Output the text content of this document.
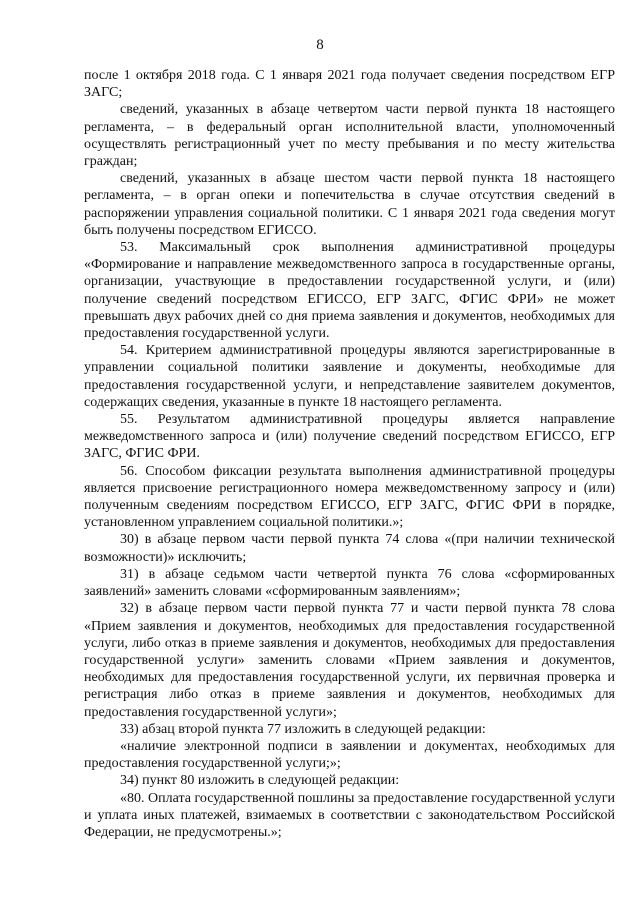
8

после 1 октября 2018 года. С 1 января 2021 года получает сведения посредством ЕГР ЗАГС;

сведений, указанных в абзаце четвертом части первой пункта 18 настоящего регламента, – в федеральный орган исполнительной власти, уполномоченный осуществлять регистрационный учет по месту пребывания и по месту жительства граждан;

сведений, указанных в абзаце шестом части первой пункта 18 настоящего регламента, – в орган опеки и попечительства в случае отсутствия сведений в распоряжении управления социальной политики. С 1 января 2021 года сведения могут быть получены посредством ЕГИССО.

53. Максимальный срок выполнения административной процедуры «Формирование и направление межведомственного запроса в государственные органы, организации, участвующие в предоставлении государственной услуги, и (или) получение сведений посредством ЕГИССО, ЕГР ЗАГС, ФГИС ФРИ» не может превышать двух рабочих дней со дня приема заявления и документов, необходимых для предоставления государственной услуги.

54. Критерием административной процедуры являются зарегистрированные в управлении социальной политики заявление и документы, необходимые для предоставления государственной услуги, и непредставление заявителем документов, содержащих сведения, указанные в пункте 18 настоящего регламента.

55. Результатом административной процедуры является направление межведомственного запроса и (или) получение сведений посредством ЕГИССО, ЕГР ЗАГС, ФГИС ФРИ.

56. Способом фиксации результата выполнения административной процедуры является присвоение регистрационного номера межведомственному запросу и (или) полученным сведениям посредством ЕГИССО, ЕГР ЗАГС, ФГИС ФРИ в порядке, установленном управлением социальной политики.»;

30) в абзаце первом части первой пункта 74 слова «(при наличии технической возможности)» исключить;

31) в абзаце седьмом части четвертой пункта 76 слова «сформированных заявлений» заменить словами «сформированным заявлениям»;

32) в абзаце первом части первой пункта 77 и части первой пункта 78 слова «Прием заявления и документов, необходимых для предоставления государственной услуги, либо отказ в приеме заявления и документов, необходимых для предоставления государственной услуги» заменить словами «Прием заявления и документов, необходимых для предоставления государственной услуги, их первичная проверка и регистрация либо отказ в приеме заявления и документов, необходимых для предоставления государственной услуги»;

33) абзац второй пункта 77 изложить в следующей редакции:

«наличие электронной подписи в заявлении и документах, необходимых для предоставления государственной услуги;»;

34) пункт 80 изложить в следующей редакции:

«80. Оплата государственной пошлины за предоставление государственной услуги и уплата иных платежей, взимаемых в соответствии с законодательством Российской Федерации, не предусмотрены.»;
